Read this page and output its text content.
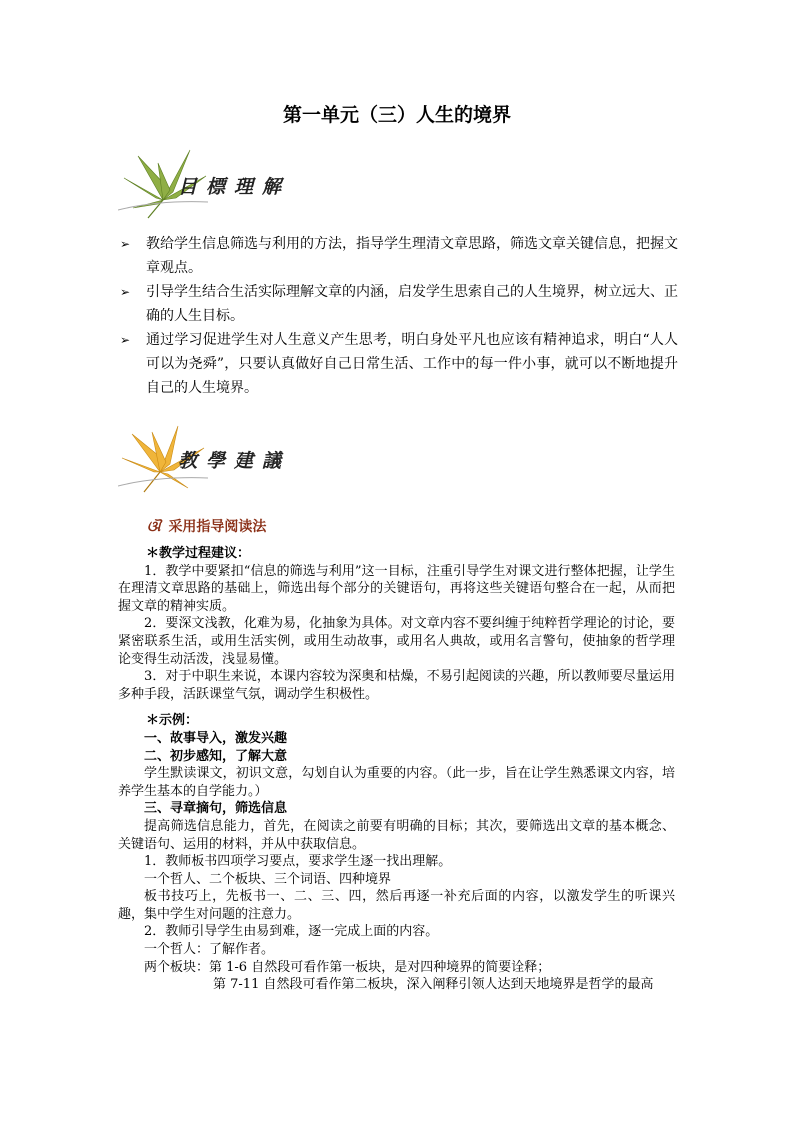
第一单元（三）人生的境界
目標理解
➢ 教给学生信息筛选与利用的方法，指导学生理清文章思路，筛选文章关键信息，把握文章观点。
➢ 引导学生结合生活实际理解文章的内涵，启发学生思索自己的人生境界，树立远大、正确的人生目标。
➢ 通过学习促进学生对人生意义产生思考，明白身处平凡也应该有精神追求，明白“人人可以为尧舜”，只要认真做好自己日常生活、工作中的每一件小事，就可以不断地提升自己的人生境界。
教學建議
ଔ 采用指导阅读法

＊教学过程建议：

1．教学中要紧扣“信息的筛选与利用”这一目标，注重引导学生对课文进行整体把握，让学生在理清文章思路的基础上，筛选出每个部分的关键语句，再将这些关键语句整合在一起，从而把握文章的精神实质。

2．要深文浅教，化难为易，化抽象为具体。对文章内容不要纠缠于纯粹哲学理论的讨论，要紧密联系生活，或用生活实例，或用生动故事，或用名人典故，或用名言警句，使抽象的哲学理论变得生动活泼，浅显易懂。

3．对于中职生来说，本课内容较为深奥和枯燥，不易引起阅读的兴趣，所以教师要尽量运用多种手段，活跃课堂气氛，调动学生积极性。

＊示例：

一、故事导入，激发兴趣

二、初步感知，了解大意

学生默读课文，初识文意，勾划自认为重要的内容。（此一步，旨在让学生熟悉课文内容，培养学生基本的自学能力。）

三、寻章摘句，筛选信息

提高筛选信息能力，首先，在阅读之前要有明确的目标；其次，要筛选出文章的基本概念、关键语句、运用的材料，并从中获取信息。

1．教师板书四项学习要点，要求学生逐一找出理解。

一个哲人、二个板块、三个词语、四种境界

板书技巧上，先板书一、二、三、四，然后再逐一补充后面的内容，以激发学生的听课兴趣，集中学生对问题的注意力。

2．教师引导学生由易到难，逐一完成上面的内容。

一个哲人：了解作者。

两个板块：第 1-6 自然段可看作第一板块，是对四种境界的简要诠释；

第 7-11 自然段可看作第二板块，深入阐释引领人达到天地境界是哲学的最高
